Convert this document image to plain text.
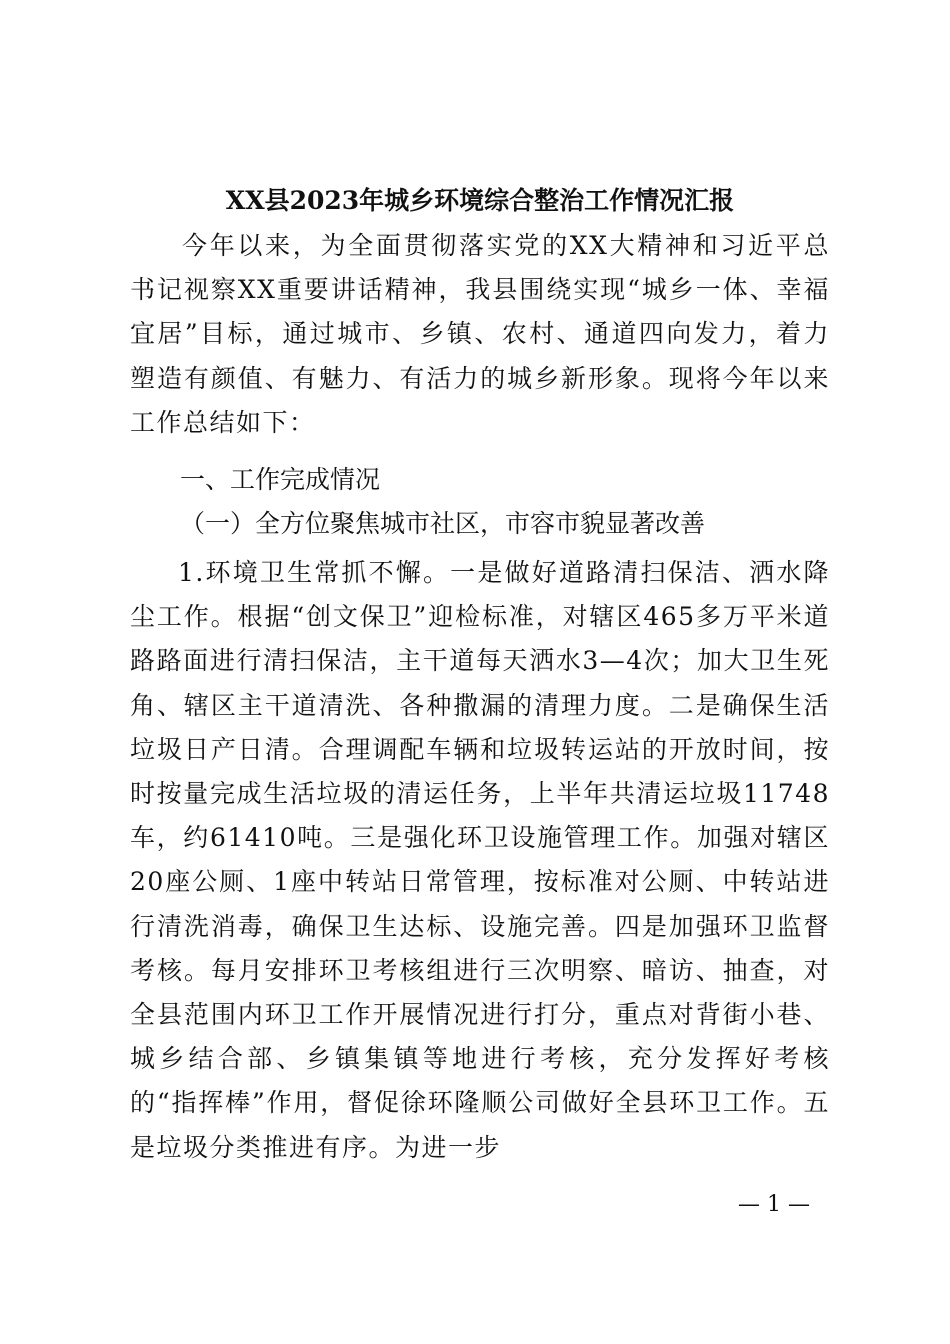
XX县2023年城乡环境综合整治工作情况汇报
今年以来，为全面贯彻落实党的XX大精神和习近平总书记视察XX重要讲话精神，我县围绕实现“城乡一体、幸福宜居”目标，通过城市、乡镇、农村、通道四向发力，着力塑造有颜值、有魅力、有活力的城乡新形象。现将今年以来工作总结如下：
一、工作完成情况
（一）全方位聚焦城市社区，市容市貌显著改善
1.环境卫生常抓不懈。一是做好道路清扫保洁、洒水降尘工作。根据“创文保卫”迎检标准，对辖区465多万平米道路路面进行清扫保洁，主干道每天洒水3—4次；加大卫生死角、辖区主干道清洗、各种撒漏的清理力度。二是确保生活垃圾日产日清。合理调配车辆和垃圾转运站的开放时间，按时按量完成生活垃圾的清运任务，上半年共清运垃圾11748车，约61410吨。三是强化环卫设施管理工作。加强对辖区20座公厕、1座中转站日常管理，按标准对公厕、中转站进行清洗消毒，确保卫生达标、设施完善。四是加强环卫监督考核。每月安排环卫考核组进行三次明察、暗访、抽查，对全县范围内环卫工作开展情况进行打分，重点对背街小巷、城乡结合部、乡镇集镇等地进行考核，充分发挥好考核的“指挥棒”作用，督促徐环隆顺公司做好全县环卫工作。五是垃圾分类推进有序。为进一步
— 1 —
